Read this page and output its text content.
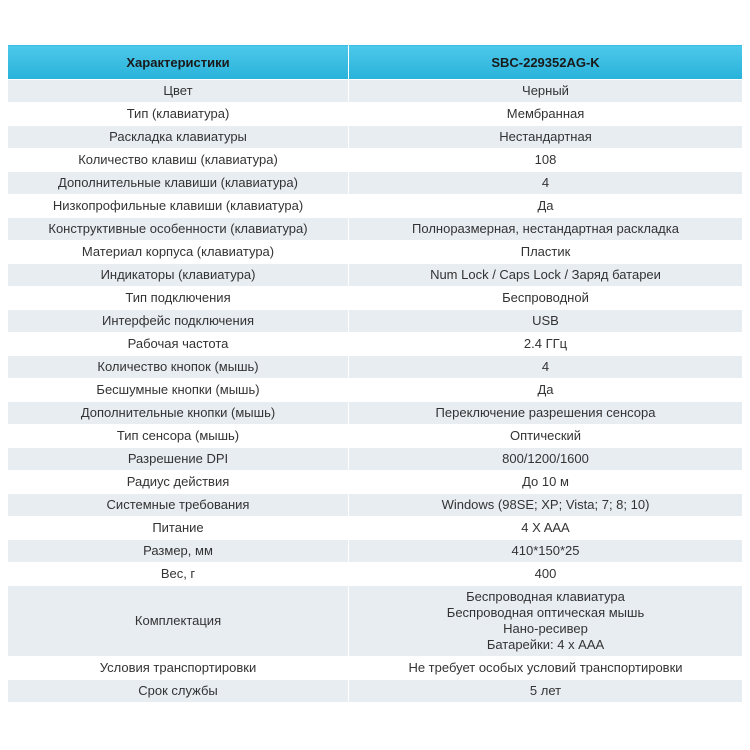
Характеристики	SBC-229352AG-K
Цвет	Черный
Тип (клавиатура)	Мембранная
Раскладка клавиатуры	Нестандартная
Количество клавиш (клавиатура)	108
Дополнительные клавиши (клавиатура)	4
Низкопрофильные клавиши (клавиатура)	Да
Конструктивные особенности (клавиатура)	Полноразмерная, нестандартная раскладка
Материал корпуса (клавиатура)	Пластик
Индикаторы (клавиатура)	Num Lock / Caps Lock / Заряд батареи
Тип подключения	Беспроводной
Интерфейс подключения	USB
Рабочая частота	2.4 ГГц
Количество кнопок (мышь)	4
Бесшумные кнопки (мышь)	Да
Дополнительные кнопки (мышь)	Переключение разрешения сенсора
Тип сенсора (мышь)	Оптический
Разрешение DPI	800/1200/1600
Радиус действия	До 10 м
Системные требования	Windows (98SE; XP; Vista; 7; 8; 10)
Питание	4 X AAA
Размер, мм	410*150*25
Вес, г	400
Комплектация	Беспроводная клавиатура
Беспроводная оптическая мышь
Нано-ресивер
Батарейки: 4 х AAA

Условия транспортировки	Не требует особых условий транспортировки
Срок службы	5 лет
